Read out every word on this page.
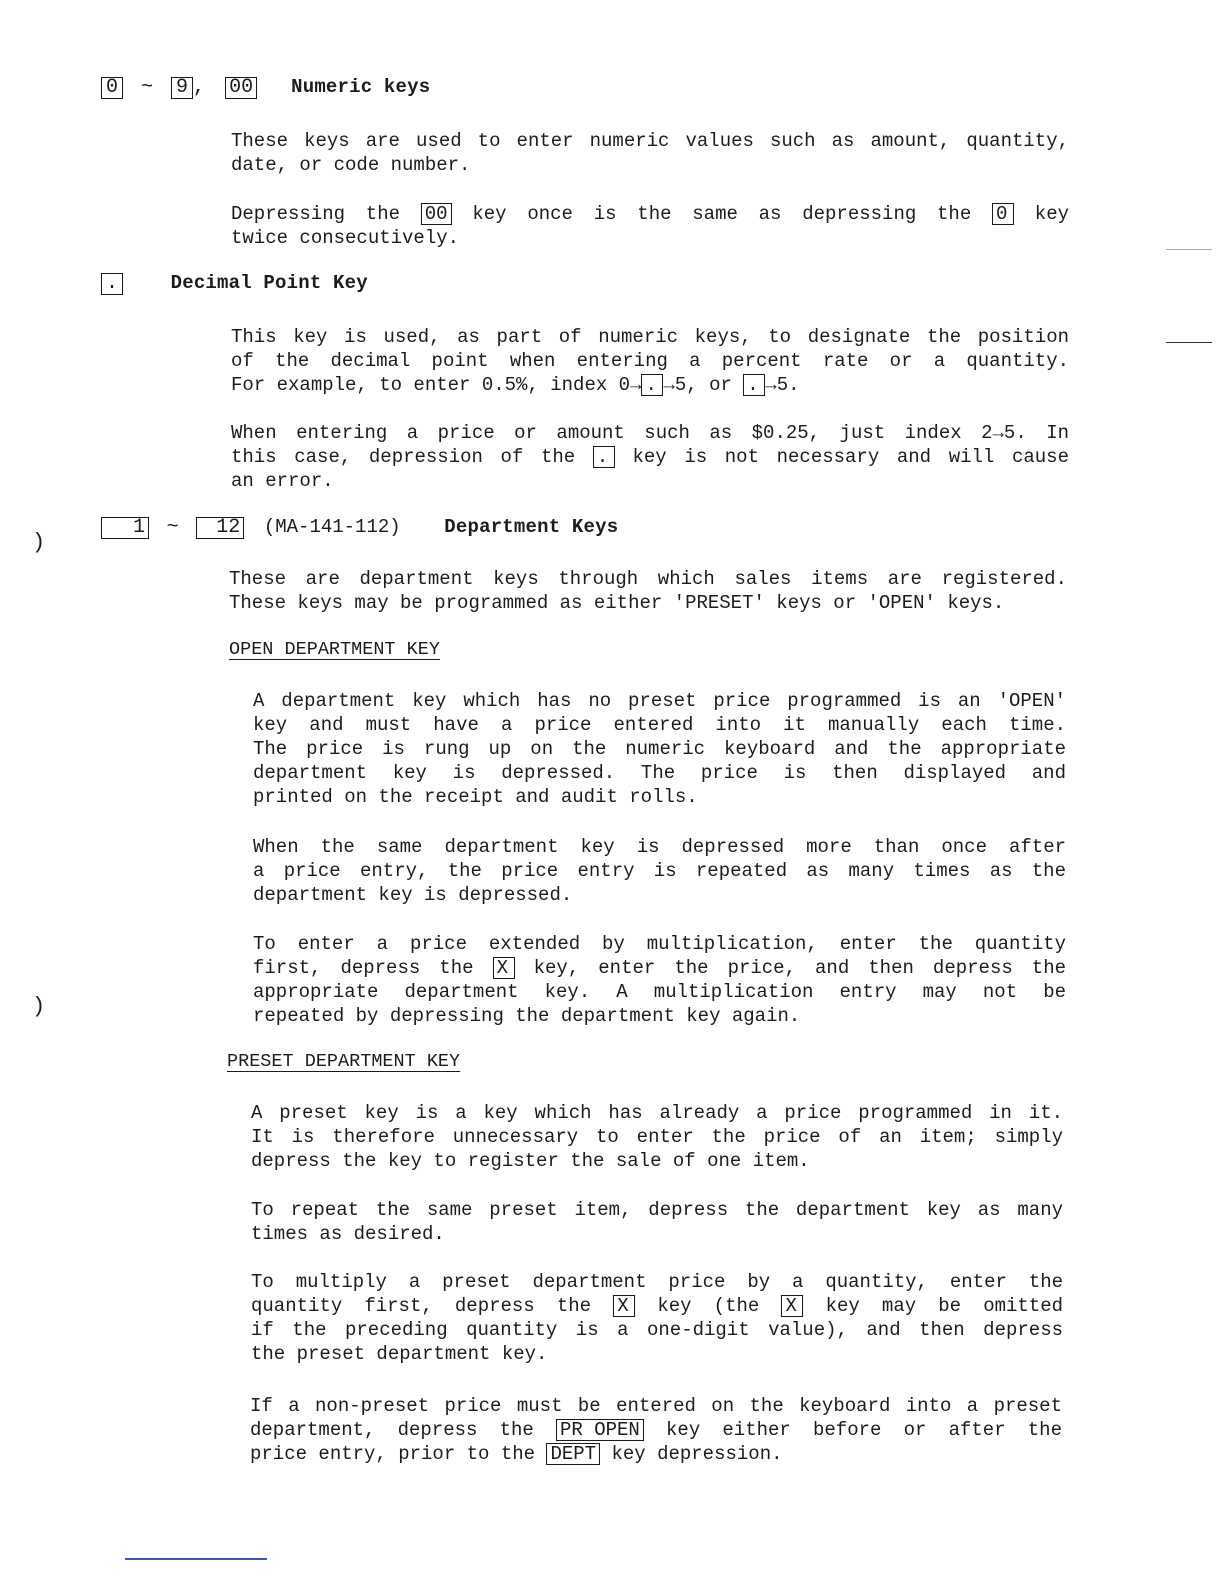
0 ~ 9 , 00 Numeric keys
These keys are used to enter numeric values such as amount, quantity,
date, or code number.
Depressing the 00 key once is the same as depressing the 0 key
twice consecutively.
.	Decimal Point Key
This key is used, as part of numeric keys, to designate the position
of the decimal point when entering a percent rate or a quantity.
For example, to enter 0.5%, index 0→ . →5, or . →5.
When entering a price or amount such as $0.25, just index 2→5. In
this case, depression of the . key is not necessary and will cause
an error.
1 ~ 12 (MA-141-112) Department Keys
These are department keys through which sales items are registered.
These keys may be programmed as either 'PRESET' keys or 'OPEN' keys.
OPEN DEPARTMENT KEY
A department key which has no preset price programmed is an 'OPEN'
key and must have a price entered into it manually each time.
The price is rung up on the numeric keyboard and the appropriate
department key is depressed. The price is then displayed and
printed on the receipt and audit rolls.
When the same department key is depressed more than once after
a price entry, the price entry is repeated as many times as the
department key is depressed.
To enter a price extended by multiplication, enter the quantity
first, depress the X key, enter the price, and then depress the
appropriate department key. A multiplication entry may not be
repeated by depressing the department key again.
PRESET DEPARTMENT KEY
A preset key is a key which has already a price programmed in it.
It is therefore unnecessary to enter the price of an item; simply
depress the key to register the sale of one item.
To repeat the same preset item, depress the department key as many
times as desired.
To multiply a preset department price by a quantity, enter the
quantity first, depress the X key (the X key may be omitted
if the preceding quantity is a one-digit value), and then depress
the preset department key.
If a non-preset price must be entered on the keyboard into a preset
department, depress the PR OPEN key either before or after the
price entry, prior to the DEPT key depression.
)
)
